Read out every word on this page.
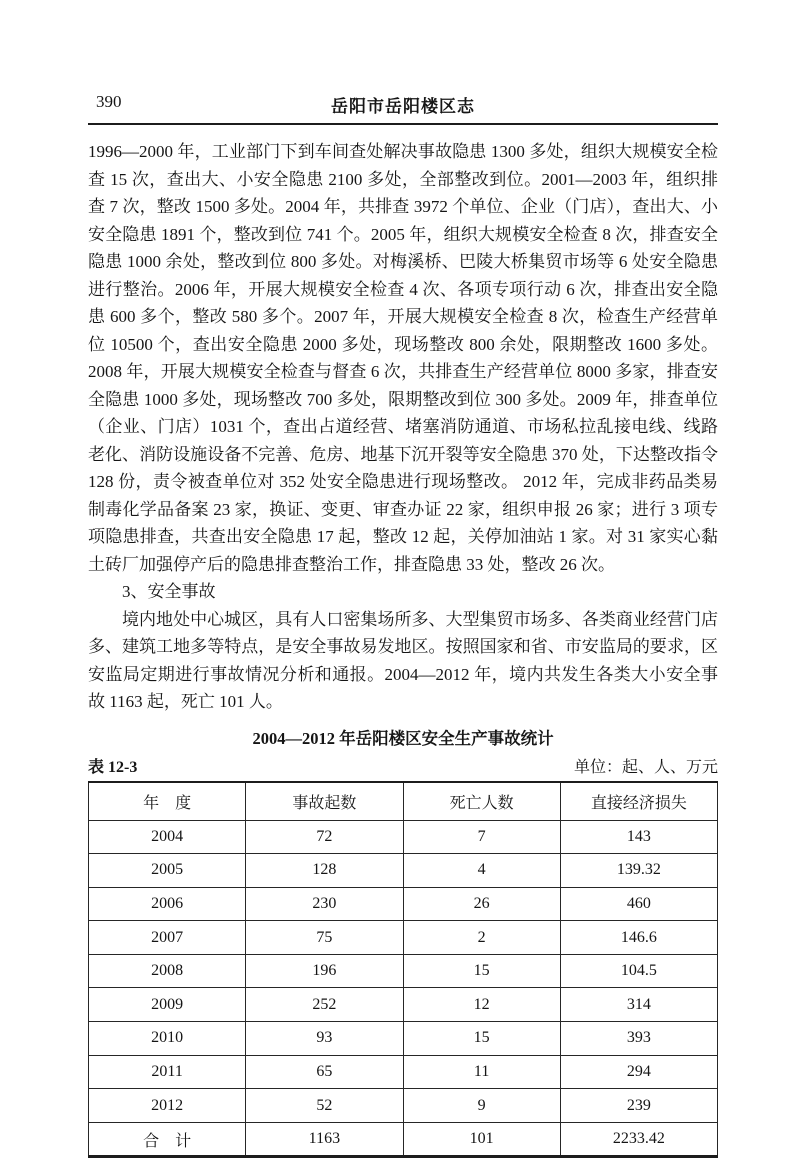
390	岳阳市岳阳楼区志

1996—2000 年，工业部门下到车间查处解决事故隐患 1300 多处，组织大规模安全检查 15 次，查出大、小安全隐患 2100 多处，全部整改到位。2001—2003 年，组织排查 7 次，整改 1500 多处。2004 年，共排查 3972 个单位、企业（门店），查出大、小安全隐患 1891 个，整改到位 741 个。2005 年，组织大规模安全检查 8 次，排查安全隐患 1000 余处，整改到位 800 多处。对梅溪桥、巴陵大桥集贸市场等 6 处安全隐患进行整治。2006 年，开展大规模安全检查 4 次、各项专项行动 6 次，排查出安全隐患 600 多个，整改 580 多个。2007 年，开展大规模安全检查 8 次，检查生产经营单位 10500 个，查出安全隐患 2000 多处，现场整改 800 余处，限期整改 1600 多处。2008 年，开展大规模安全检查与督查 6 次，共排查生产经营单位 8000 多家，排查安全隐患 1000 多处，现场整改 700 多处，限期整改到位 300 多处。2009 年，排查单位（企业、门店）1031 个，查出占道经营、堵塞消防通道、市场私拉乱接电线、线路老化、消防设施设备不完善、危房、地基下沉开裂等安全隐患 370 处，下达整改指令 128 份，责令被查单位对 352 处安全隐患进行现场整改。 2012 年，完成非药品类易制毒化学品备案 23 家，换证、变更、审查办证 22 家，组织申报 26 家；进行 3 项专项隐患排查，共查出安全隐患 17 起，整改 12 起，关停加油站 1 家。对 31 家实心黏土砖厂加强停产后的隐患排查整治工作，排查隐患 33 处，整改 26 次。

3、安全事故

境内地处中心城区，具有人口密集场所多、大型集贸市场多、各类商业经营门店多、建筑工地多等特点，是安全事故易发地区。按照国家和省、市安监局的要求，区安监局定期进行事故情况分析和通报。2004—2012 年，境内共发生各类大小安全事故 1163 起，死亡 101 人。

2004—2012 年岳阳楼区安全生产事故统计
表 12-3	单位：起、人、万元
年　度	事故起数	死亡人数	直接经济损失
2004	72	7	143
2005	128	4	139.32
2006	230	26	460
2007	75	2	146.6
2008	196	15	104.5
2009	252	12	314
2010	93	15	393
2011	65	11	294
2012	52	9	239
合　计	1163	101	2233.42
